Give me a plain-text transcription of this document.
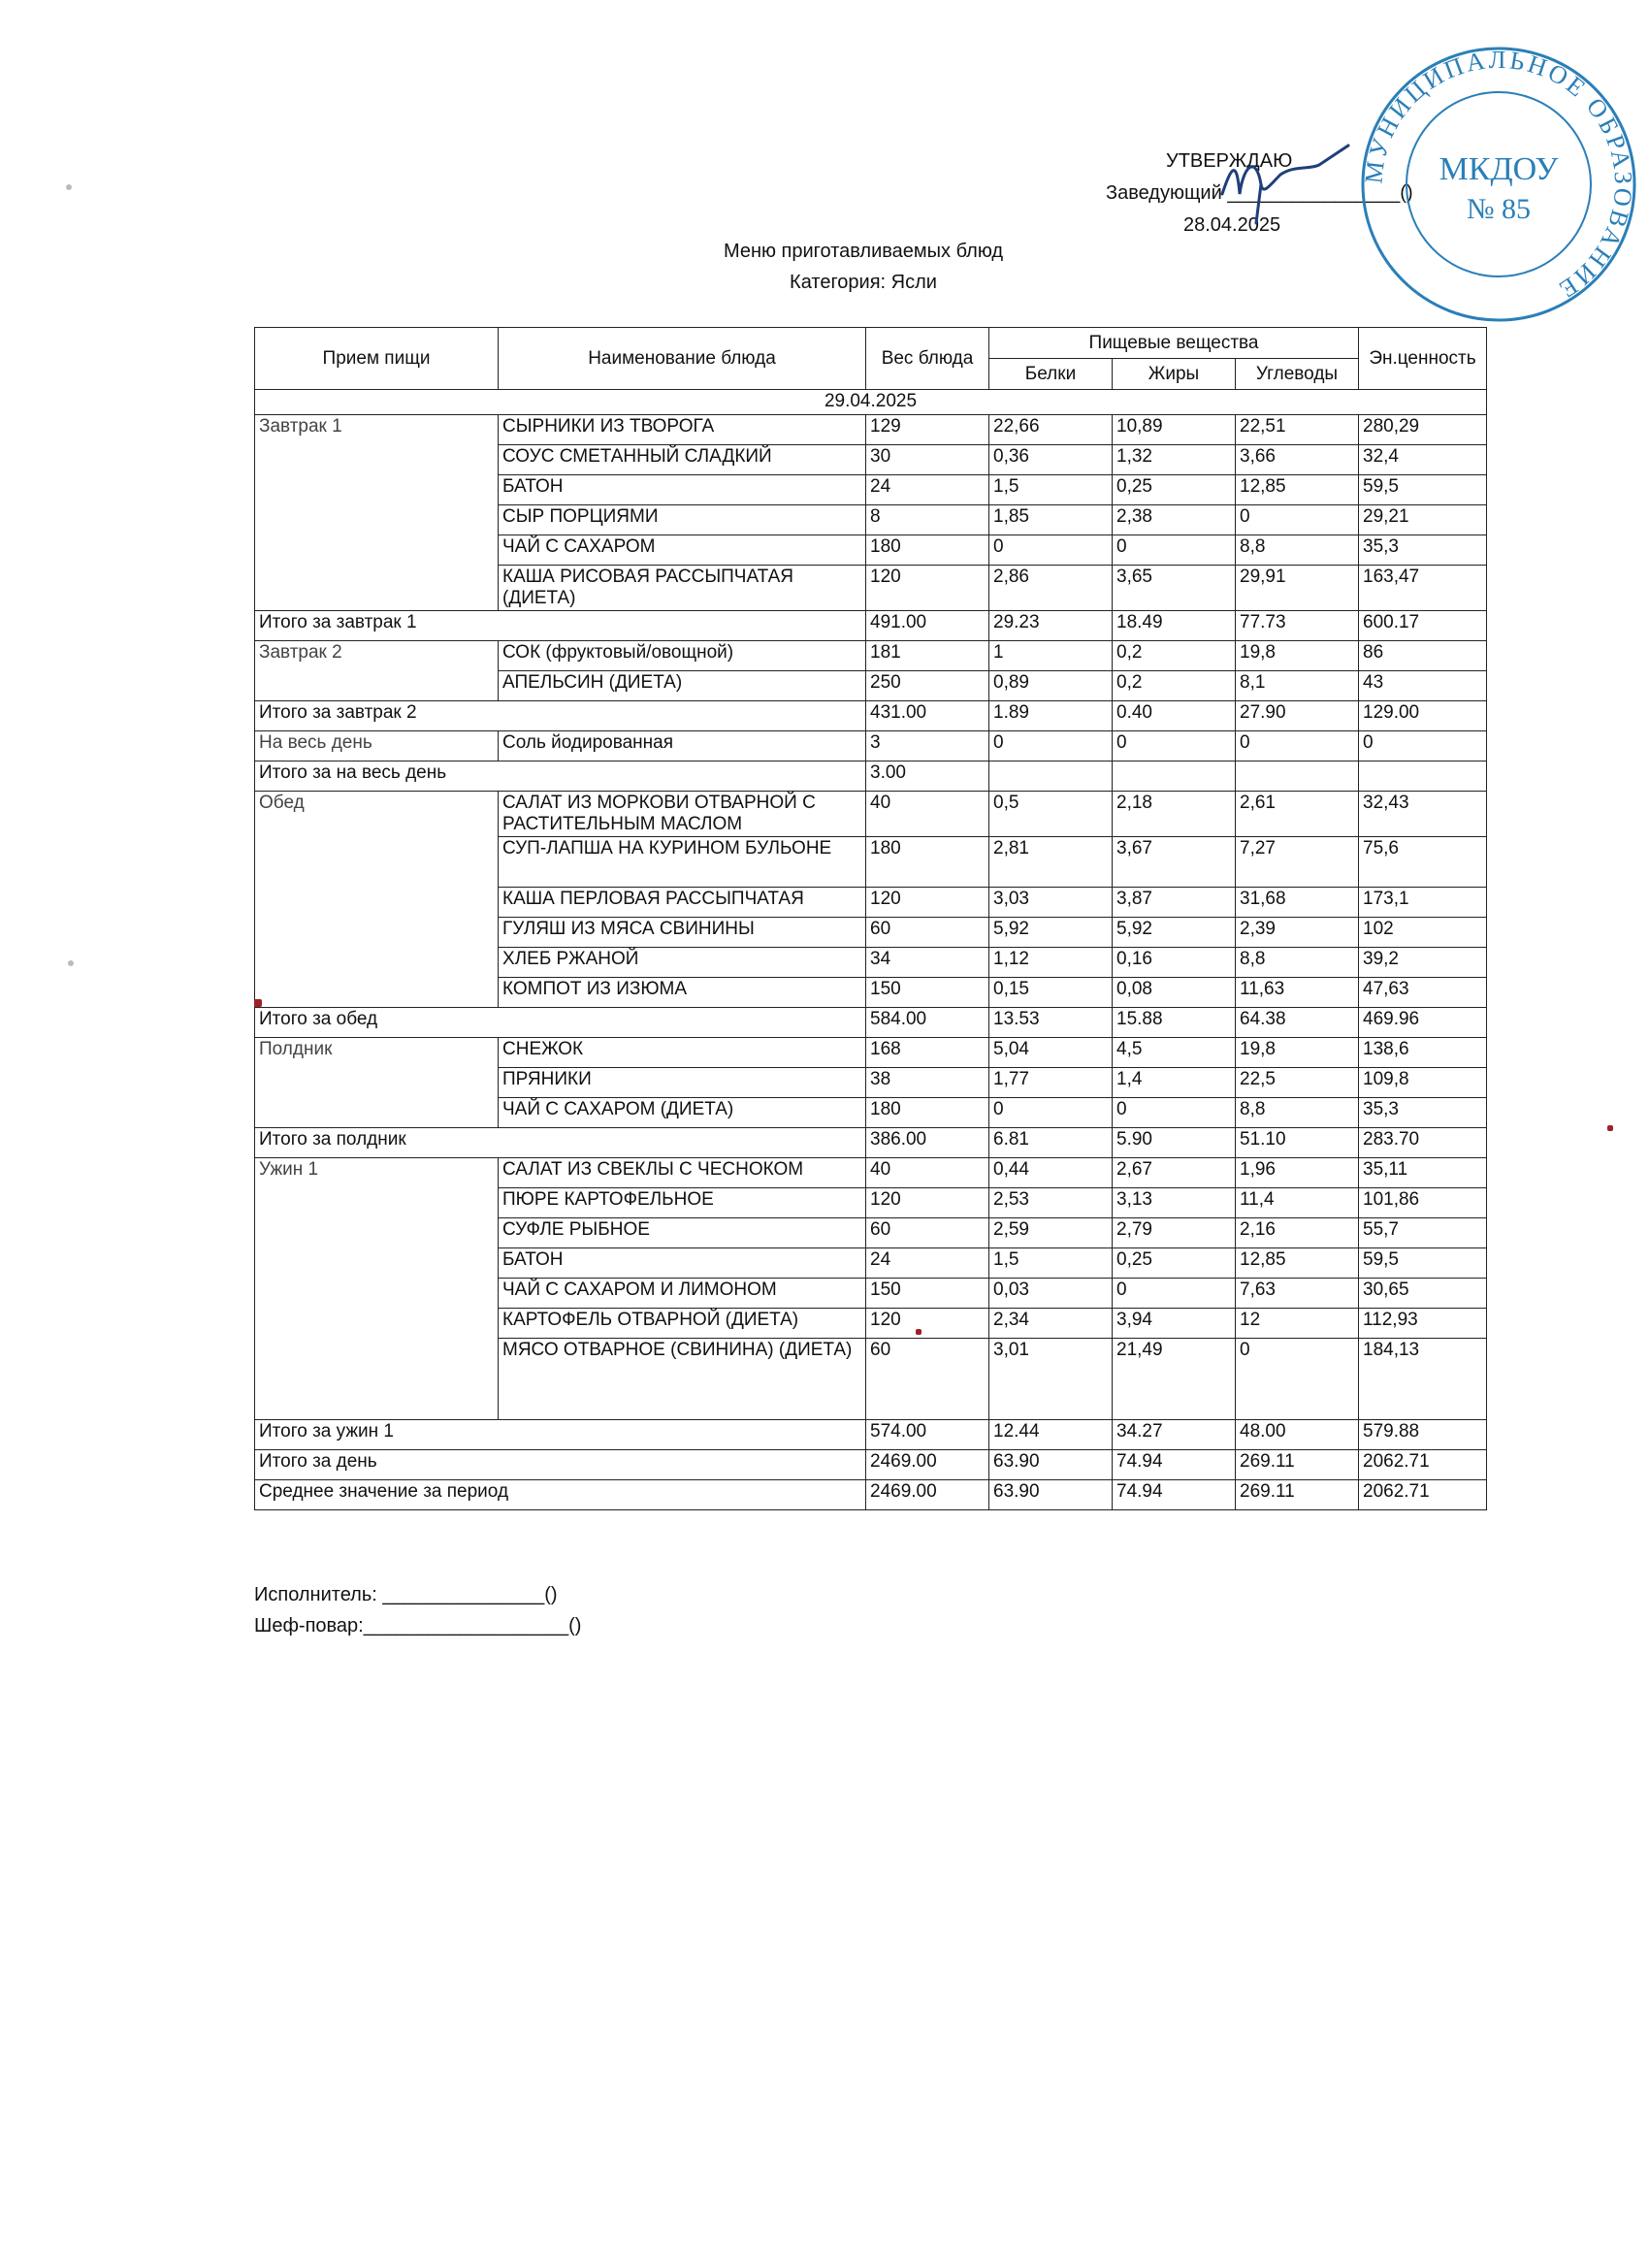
УТВЕРЖДАЮ
Заведующий ________________()
28.04.2025
МУНИЦИПАЛЬНОЕ ОБРАЗОВАНИЕ
МКДОУ
№ 85
Меню приготавливаемых блюд
Категория: Ясли
Прием пищи	Наименование блюда	Вес блюда	Пищевые вещества			Эн.ценность
			Белки	Жиры	Углеводы	
29.04.2025						
Завтрак 1	СЫРНИКИ ИЗ ТВОРОГА	129	22,66	10,89	22,51	280,29
	СОУС СМЕТАННЫЙ СЛАДКИЙ	30	0,36	1,32	3,66	32,4
	БАТОН	24	1,5	0,25	12,85	59,5
	СЫР ПОРЦИЯМИ	8	1,85	2,38	0	29,21
	ЧАЙ С САХАРОМ	180	0	0	8,8	35,3
	КАША РИСОВАЯ РАССЫПЧАТАЯ (ДИЕТА)	120	2,86	3,65	29,91	163,47
Итого за завтрак 1		491.00	29.23	18.49	77.73	600.17
Завтрак 2	СОК (фруктовый/овощной)	181	1	0,2	19,8	86
	АПЕЛЬСИН (ДИЕТА)	250	0,89	0,2	8,1	43
Итого за завтрак 2		431.00	1.89	0.40	27.90	129.00
На весь день	Соль йодированная	3	0	0	0	0
Итого за на весь день		3.00				
Обед	САЛАТ ИЗ МОРКОВИ ОТВАРНОЙ С РАСТИТЕЛЬНЫМ МАСЛОМ	40	0,5	2,18	2,61	32,43
	СУП-ЛАПША НА КУРИНОМ БУЛЬОНЕ	180	2,81	3,67	7,27	75,6
	КАША ПЕРЛОВАЯ РАССЫПЧАТАЯ	120	3,03	3,87	31,68	173,1
	ГУЛЯШ ИЗ МЯСА СВИНИНЫ	60	5,92	5,92	2,39	102
	ХЛЕБ РЖАНОЙ	34	1,12	0,16	8,8	39,2
	КОМПОТ ИЗ ИЗЮМА	150	0,15	0,08	11,63	47,63
Итого за обед		584.00	13.53	15.88	64.38	469.96
Полдник	СНЕЖОК	168	5,04	4,5	19,8	138,6
	ПРЯНИКИ	38	1,77	1,4	22,5	109,8
	ЧАЙ С САХАРОМ (ДИЕТА)	180	0	0	8,8	35,3
Итого за полдник		386.00	6.81	5.90	51.10	283.70
Ужин 1	САЛАТ ИЗ СВЕКЛЫ С ЧЕСНОКОМ	40	0,44	2,67	1,96	35,11
	ПЮРЕ КАРТОФЕЛЬНОЕ	120	2,53	3,13	11,4	101,86
	СУФЛЕ РЫБНОЕ	60	2,59	2,79	2,16	55,7
	БАТОН	24	1,5	0,25	12,85	59,5
	ЧАЙ С САХАРОМ И ЛИМОНОМ	150	0,03	0	7,63	30,65
	КАРТОФЕЛЬ ОТВАРНОЙ (ДИЕТА)	120	2,34	3,94	12	112,93
	МЯСО ОТВАРНОЕ (СВИНИНА) (ДИЕТА)	60	3,01	21,49	0	184,13
Итого за ужин 1		574.00	12.44	34.27	48.00	579.88
Итого за день		2469.00	63.90	74.94	269.11	2062.71
Среднее значение за период		2469.00	63.90	74.94	269.11	2062.71
Исполнитель: _______________()
Шеф-повар:___________________()
